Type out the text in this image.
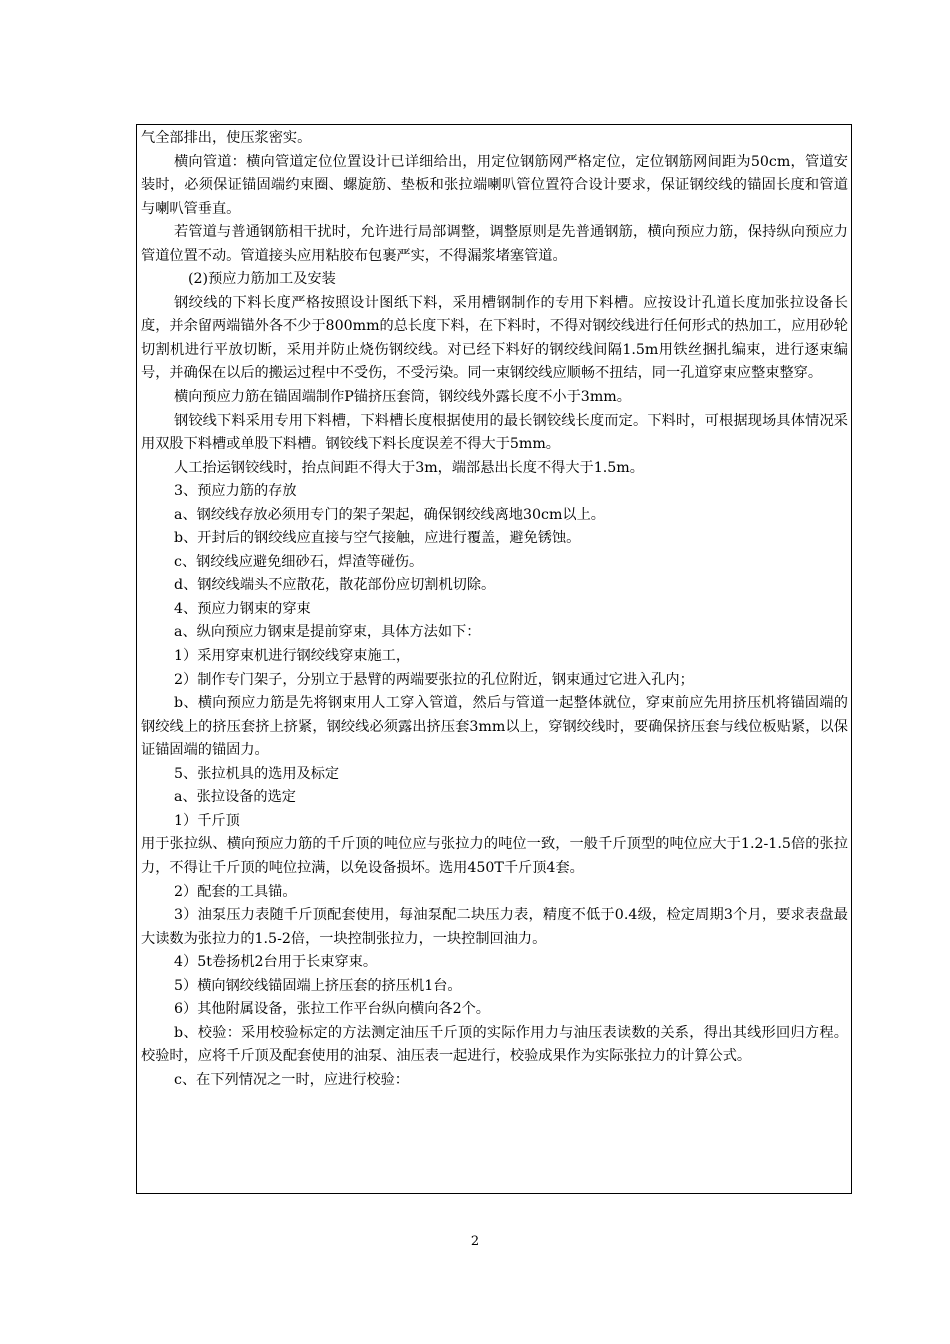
气全部排出，使压浆密实。

横向管道：横向管道定位位置设计已详细给出，用定位钢筋网严格定位，定位钢筋网间距为50cm，管道安装时，必须保证锚固端约束圈、螺旋筋、垫板和张拉端喇叭管位置符合设计要求，保证钢绞线的锚固长度和管道与喇叭管垂直。

若管道与普通钢筋相干扰时，允许进行局部调整，调整原则是先普通钢筋，横向预应力筋，保持纵向预应力管道位置不动。管道接头应用粘胶布包裹严实，不得漏浆堵塞管道。

(2)预应力筋加工及安装

钢绞线的下料长度严格按照设计图纸下料，采用槽钢制作的专用下料槽。应按设计孔道长度加张拉设备长度，并余留两端锚外各不少于800mm的总长度下料，在下料时，不得对钢绞线进行任何形式的热加工，应用砂轮切割机进行平放切断，采用并防止烧伤钢绞线。对已经下料好的钢绞线间隔1.5m用铁丝捆扎编束，进行逐束编号，并确保在以后的搬运过程中不受伤，不受污染。同一束钢绞线应顺畅不扭结，同一孔道穿束应整束整穿。

横向预应力筋在锚固端制作P锚挤压套筒，钢绞线外露长度不小于3mm。

钢铰线下料采用专用下料槽，下料槽长度根据使用的最长钢铰线长度而定。下料时，可根据现场具体情况采用双股下料槽或单股下料槽。钢铰线下料长度误差不得大于5mm。

人工抬运钢铰线时，抬点间距不得大于3m，端部悬出长度不得大于1.5m。

3、预应力筋的存放

a、钢绞线存放必须用专门的架子架起，确保钢绞线离地30cm以上。

b、开封后的钢绞线应直接与空气接触，应进行覆盖，避免锈蚀。

c、钢绞线应避免细砂石，焊渣等碰伤。

d、钢绞线端头不应散花，散花部份应切割机切除。

4、预应力钢束的穿束

a、纵向预应力钢束是提前穿束，具体方法如下：

1）采用穿束机进行钢绞线穿束施工，

2）制作专门架子，分别立于悬臂的两端要张拉的孔位附近，钢束通过它进入孔内；

b、横向预应力筋是先将钢束用人工穿入管道，然后与管道一起整体就位，穿束前应先用挤压机将锚固端的钢绞线上的挤压套挤上挤紧，钢绞线必须露出挤压套3mm以上，穿钢绞线时，要确保挤压套与线位板贴紧，以保证锚固端的锚固力。

5、张拉机具的选用及标定

a、张拉设备的选定

1）千斤顶

用于张拉纵、横向预应力筋的千斤顶的吨位应与张拉力的吨位一致，一般千斤顶型的吨位应大于1.2-1.5倍的张拉力，不得让千斤顶的吨位拉满，以免设备损坏。选用450T千斤顶4套。

2）配套的工具锚。

3）油泵压力表随千斤顶配套使用，每油泵配二块压力表，精度不低于0.4级，检定周期3个月，要求表盘最大读数为张拉力的1.5-2倍，一块控制张拉力，一块控制回油力。

4）5t卷扬机2台用于长束穿束。

5）横向钢绞线锚固端上挤压套的挤压机1台。

6）其他附属设备，张拉工作平台纵向横向各2个。

b、校验：采用校验标定的方法测定油压千斤顶的实际作用力与油压表读数的关系，得出其线形回归方程。校验时，应将千斤顶及配套使用的油泵、油压表一起进行，校验成果作为实际张拉力的计算公式。

c、在下列情况之一时，应进行校验：

2
